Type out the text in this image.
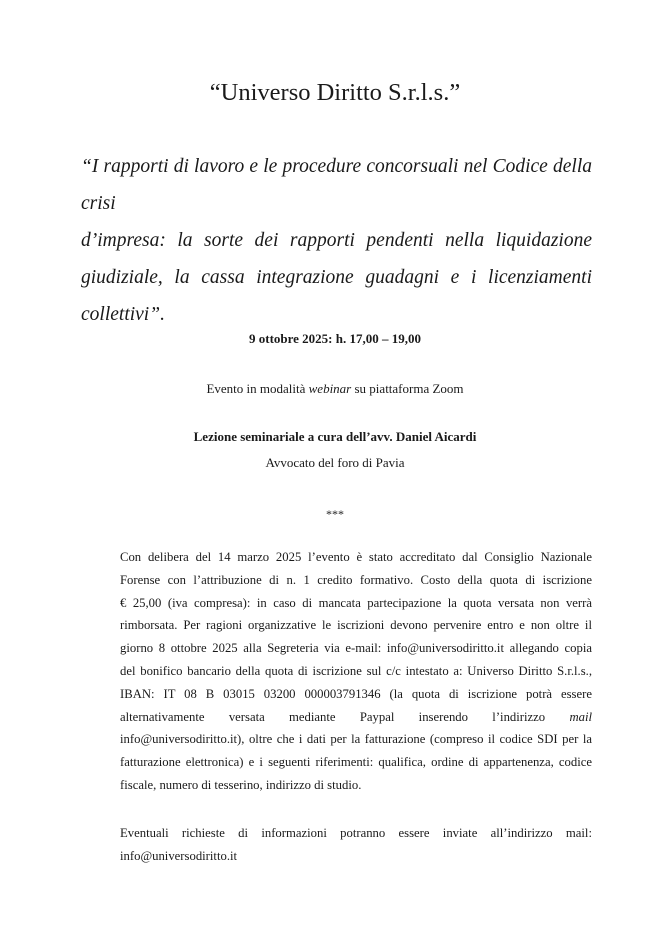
“Universo Diritto S.r.l.s.”
“I rapporti di lavoro e le procedure concorsuali nel Codice della crisi
d’impresa: la sorte dei rapporti pendenti nella liquidazione
giudiziale, la cassa integrazione guadagni e i licenziamenti
collettivi”.
9 ottobre 2025: h. 17,00 – 19,00
Evento in modalità webinar su piattaforma Zoom
Lezione seminariale a cura dell’avv. Daniel Aicardi
Avvocato del foro di Pavia
***
Con delibera del 14 marzo 2025 l’evento è stato accreditato dal Consiglio Nazionale
Forense con l’attribuzione di n. 1 credito formativo. Costo della quota di iscrizione
€ 25,00 (iva compresa): in caso di mancata partecipazione la quota versata non verrà
rimborsata. Per ragioni organizzative le iscrizioni devono pervenire entro e non oltre il
giorno 8 ottobre 2025 alla Segreteria via e-mail: info@universodiritto.it allegando copia
del bonifico bancario della quota di iscrizione sul c/c intestato a: Universo Diritto S.r.l.s.,
IBAN: IT 08 B 03015 03200 000003791346 (la quota di iscrizione potrà essere
alternativamente versata mediante Paypal inserendo l’indirizzo mail
info@universodiritto.it), oltre che i dati per la fatturazione (compreso il codice SDI per la
fatturazione elettronica) e i seguenti riferimenti: qualifica, ordine di appartenenza, codice
fiscale, numero di tesserino, indirizzo di studio.
Eventuali richieste di informazioni potranno essere inviate all’indirizzo mail:
info@universodiritto.it
